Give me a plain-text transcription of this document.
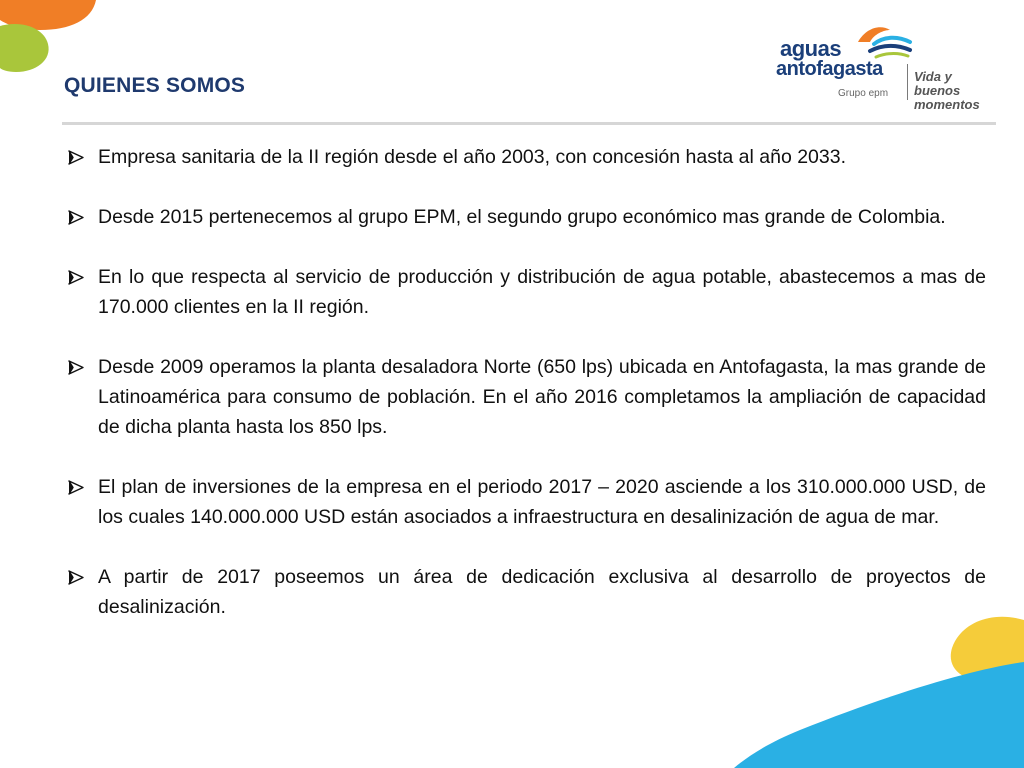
aguas
antofagasta
Grupo epm
Vida y buenos momentos
QUIENES SOMOS
Empresa sanitaria de la II región desde el año 2003, con concesión hasta al año 2033.
Desde 2015 pertenecemos al grupo EPM, el segundo grupo económico mas grande de Colombia.
En lo que respecta al servicio de producción y distribución de agua potable, abastecemos a mas de 170.000 clientes en la II región.
Desde 2009 operamos la planta desaladora Norte (650 lps) ubicada en Antofagasta, la mas grande de Latinoamérica para consumo de población. En el año 2016 completamos la ampliación de capacidad de dicha planta hasta los 850 lps.
El plan de inversiones de la empresa en el periodo 2017 – 2020 asciende a los 310.000.000 USD, de los cuales 140.000.000 USD están asociados a infraestructura en desalinización de agua de mar.
A partir de 2017 poseemos un área de dedicación exclusiva al desarrollo de proyectos de desalinización.
